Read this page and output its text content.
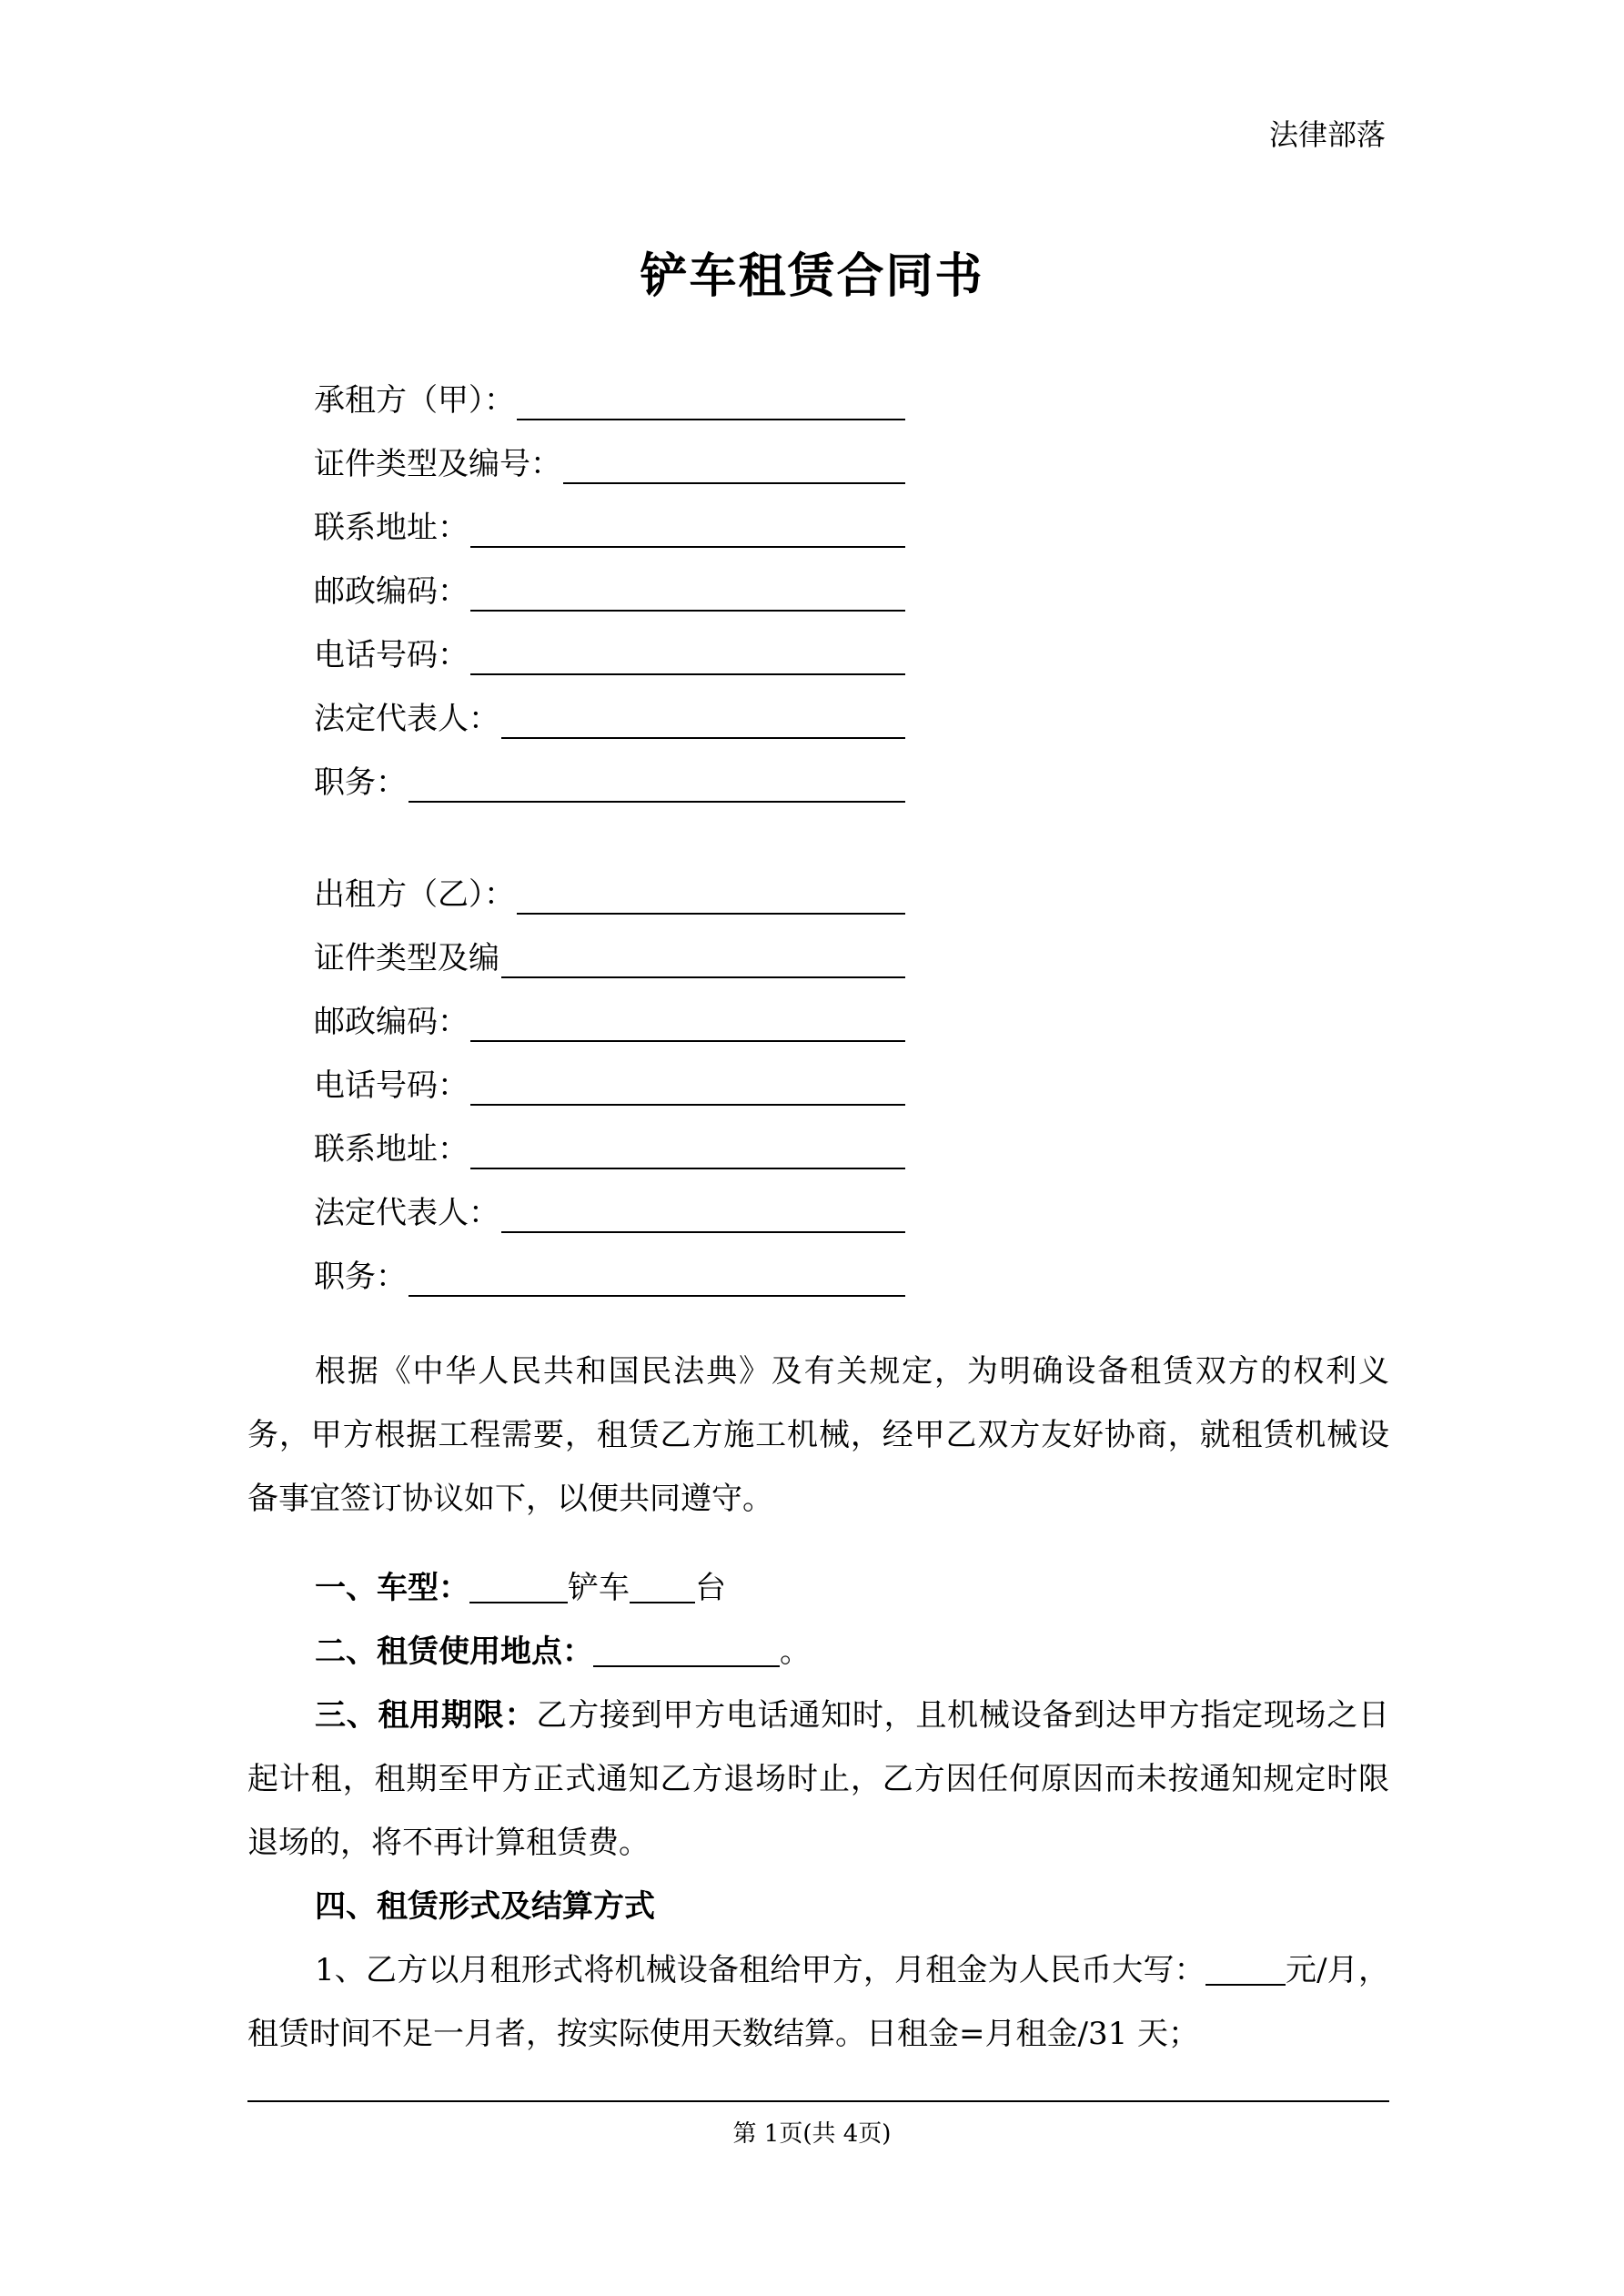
法律部落
铲车租赁合同书
承租方（甲）：
证件类型及编号：
联系地址：
邮政编码：
电话号码：
法定代表人：
职务：
出租方（乙）：
证件类型及编
邮政编码：
电话号码：
联系地址：
法定代表人：
职务：
根据《中华人民共和国民法典》及有关规定，为明确设备租赁双方的权利义务，甲方根据工程需要，租赁乙方施工机械，经甲乙双方友好协商，就租赁机械设备事宜签订协议如下，以便共同遵守。
一、车型：	铲车 台
二、租赁使用地点：	。
三、租用期限：乙方接到甲方电话通知时，且机械设备到达甲方指定现场之日起计租，租期至甲方正式通知乙方退场时止，乙方因任何原因而未按通知规定时限退场的，将不再计算租赁费。
四、租赁形式及结算方式
1、乙方以月租形式将机械设备租给甲方，月租金为人民币大写：	元/月，租赁时间不足一月者，按实际使用天数结算。日租金=月租金/31 天；
第 1页(共 4页)
